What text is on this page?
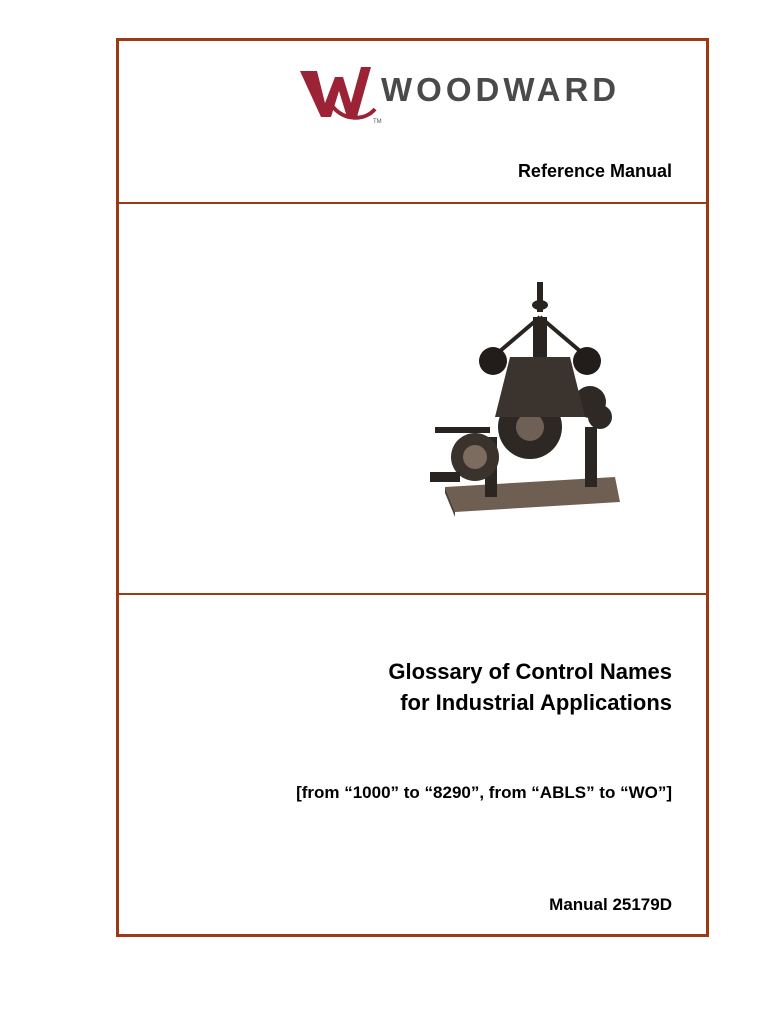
TM
WOODWARD
Reference Manual
Glossary of Control Names
for Industrial Applications
[from “1000” to “8290”, from “ABLS” to “WO”]
Manual 25179D
